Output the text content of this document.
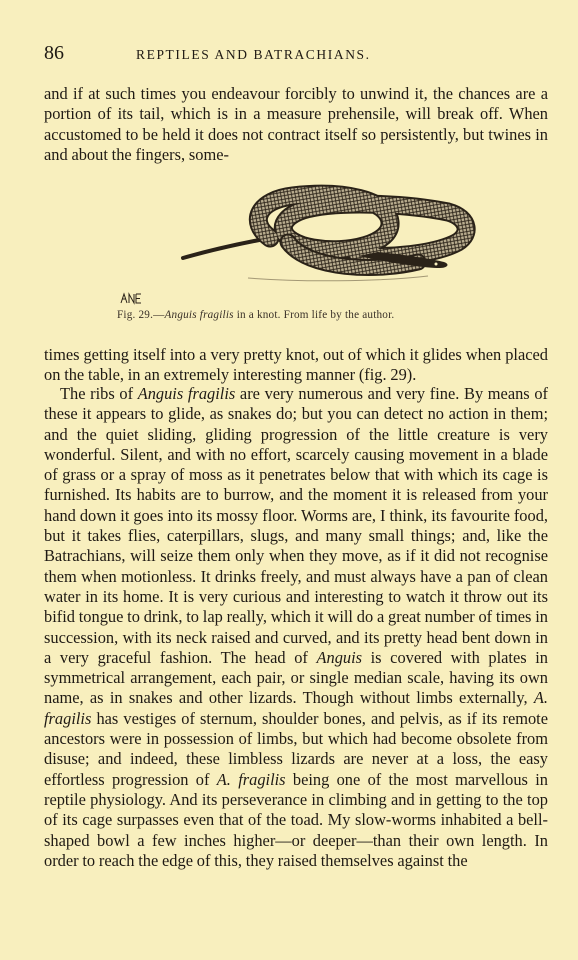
86	REPTILES AND BATRACHIANS.

and if at such times you endeavour forcibly to unwind it, the chances are a portion of its tail, which is in a measure prehensile, will break off. When accustomed to be held it does not contract itself so persistently, but twines in and about the fingers, some-

Fig. 29.—Anguis fragilis in a knot. From life by the author.

times getting itself into a very pretty knot, out of which it glides when placed on the table, in an extremely interesting manner (fig. 29).

The ribs of Anguis fragilis are very numerous and very fine. By means of these it appears to glide, as snakes do; but you can detect no action in them; and the quiet sliding, gliding progression of the little creature is very wonderful. Silent, and with no effort, scarcely causing movement in a blade of grass or a spray of moss as it penetrates below that with which its cage is furnished. Its habits are to burrow, and the moment it is released from your hand down it goes into its mossy floor. Worms are, I think, its favourite food, but it takes flies, caterpillars, slugs, and many small things; and, like the Batrachians, will seize them only when they move, as if it did not recognise them when motionless. It drinks freely, and must always have a pan of clean water in its home. It is very curious and interesting to watch it throw out its bifid tongue to drink, to lap really, which it will do a great number of times in succession, with its neck raised and curved, and its pretty head bent down in a very graceful fashion. The head of Anguis is covered with plates in symmetrical arrangement, each pair, or single median scale, having its own name, as in snakes and other lizards. Though without limbs externally, A. fragilis has vestiges of sternum, shoulder bones, and pelvis, as if its remote ancestors were in possession of limbs, but which had become obsolete from disuse; and indeed, these limbless lizards are never at a loss, the easy effortless progression of A. fragilis being one of the most marvellous in reptile physiology. And its perseverance in climbing and in getting to the top of its cage surpasses even that of the toad. My slow-worms inhabited a bell-shaped bowl a few inches higher—or deeper—than their own length. In order to reach the edge of this, they raised themselves against the
